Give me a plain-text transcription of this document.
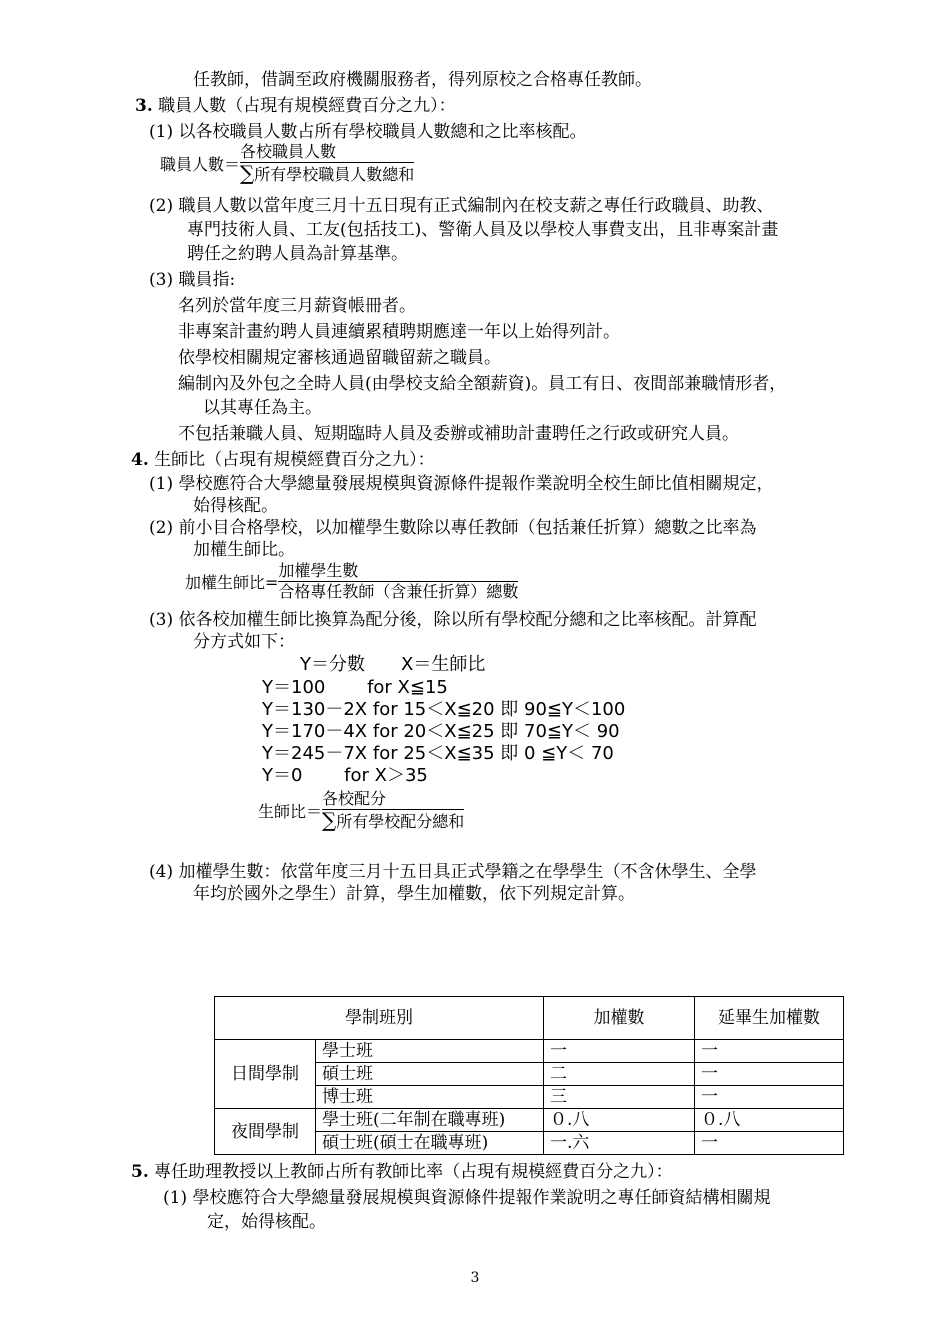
任教師，借調至政府機關服務者，得列原校之合格專任教師。
3. 職員人數（占現有規模經費百分之九）：
(1) 以各校職員人數占所有學校職員人數總和之比率核配。
職員人數＝
各校職員人數
∑所有學校職員人數總和
(2) 職員人數以當年度三月十五日現有正式編制內在校支薪之專任行政職員、助教、
專門技術人員、工友(包括技工)、警衛人員及以學校人事費支出，且非專案計畫
聘任之約聘人員為計算基準。
(3) 職員指:
名列於當年度三月薪資帳冊者。
非專案計畫約聘人員連續累積聘期應達一年以上始得列計。
依學校相關規定審核通過留職留薪之職員。
編制內及外包之全時人員(由學校支給全額薪資)。員工有日、夜間部兼職情形者，
以其專任為主。
不包括兼職人員、短期臨時人員及委辦或補助計畫聘任之行政或研究人員。
4. 生師比（占現有規模經費百分之九）：
(1) 學校應符合大學總量發展規模與資源條件提報作業說明全校生師比值相關規定，
始得核配。
(2) 前小目合格學校，以加權學生數除以專任教師（包括兼任折算）總數之比率為
加權生師比。
加權生師比=
加權學生數
合格專任教師（含兼任折算）總數
(3) 依各校加權生師比換算為配分後，除以所有學校配分總和之比率核配。計算配
分方式如下：
Y＝分數　　X＝生師比
Y＝100　　 for X≦15
Y＝130－2X for 15＜X≦20 即 90≦Y＜100
Y＝170－4X for 20＜X≦25 即 70≦Y＜ 90
Y＝245－7X for 25＜X≦35 即 0 ≦Y＜ 70
Y＝0　　 for X＞35
生師比＝
各校配分
∑所有學校配分總和
(4) 加權學生數：依當年度三月十五日具正式學籍之在學學生（不含休學生、全學
年均於國外之學生）計算，學生加權數，依下列規定計算。
學制班別		加權數	延畢生加權數
日間學制	學士班	一	一
	碩士班	二	一
	博士班	三	一
夜間學制	學士班(二年制在職專班)	０.八	０.八
	碩士班(碩士在職專班)	一.六	一
5. 專任助理教授以上教師占所有教師比率（占現有規模經費百分之九）：
(1) 學校應符合大學總量發展規模與資源條件提報作業說明之專任師資結構相關規
定，始得核配。
3
